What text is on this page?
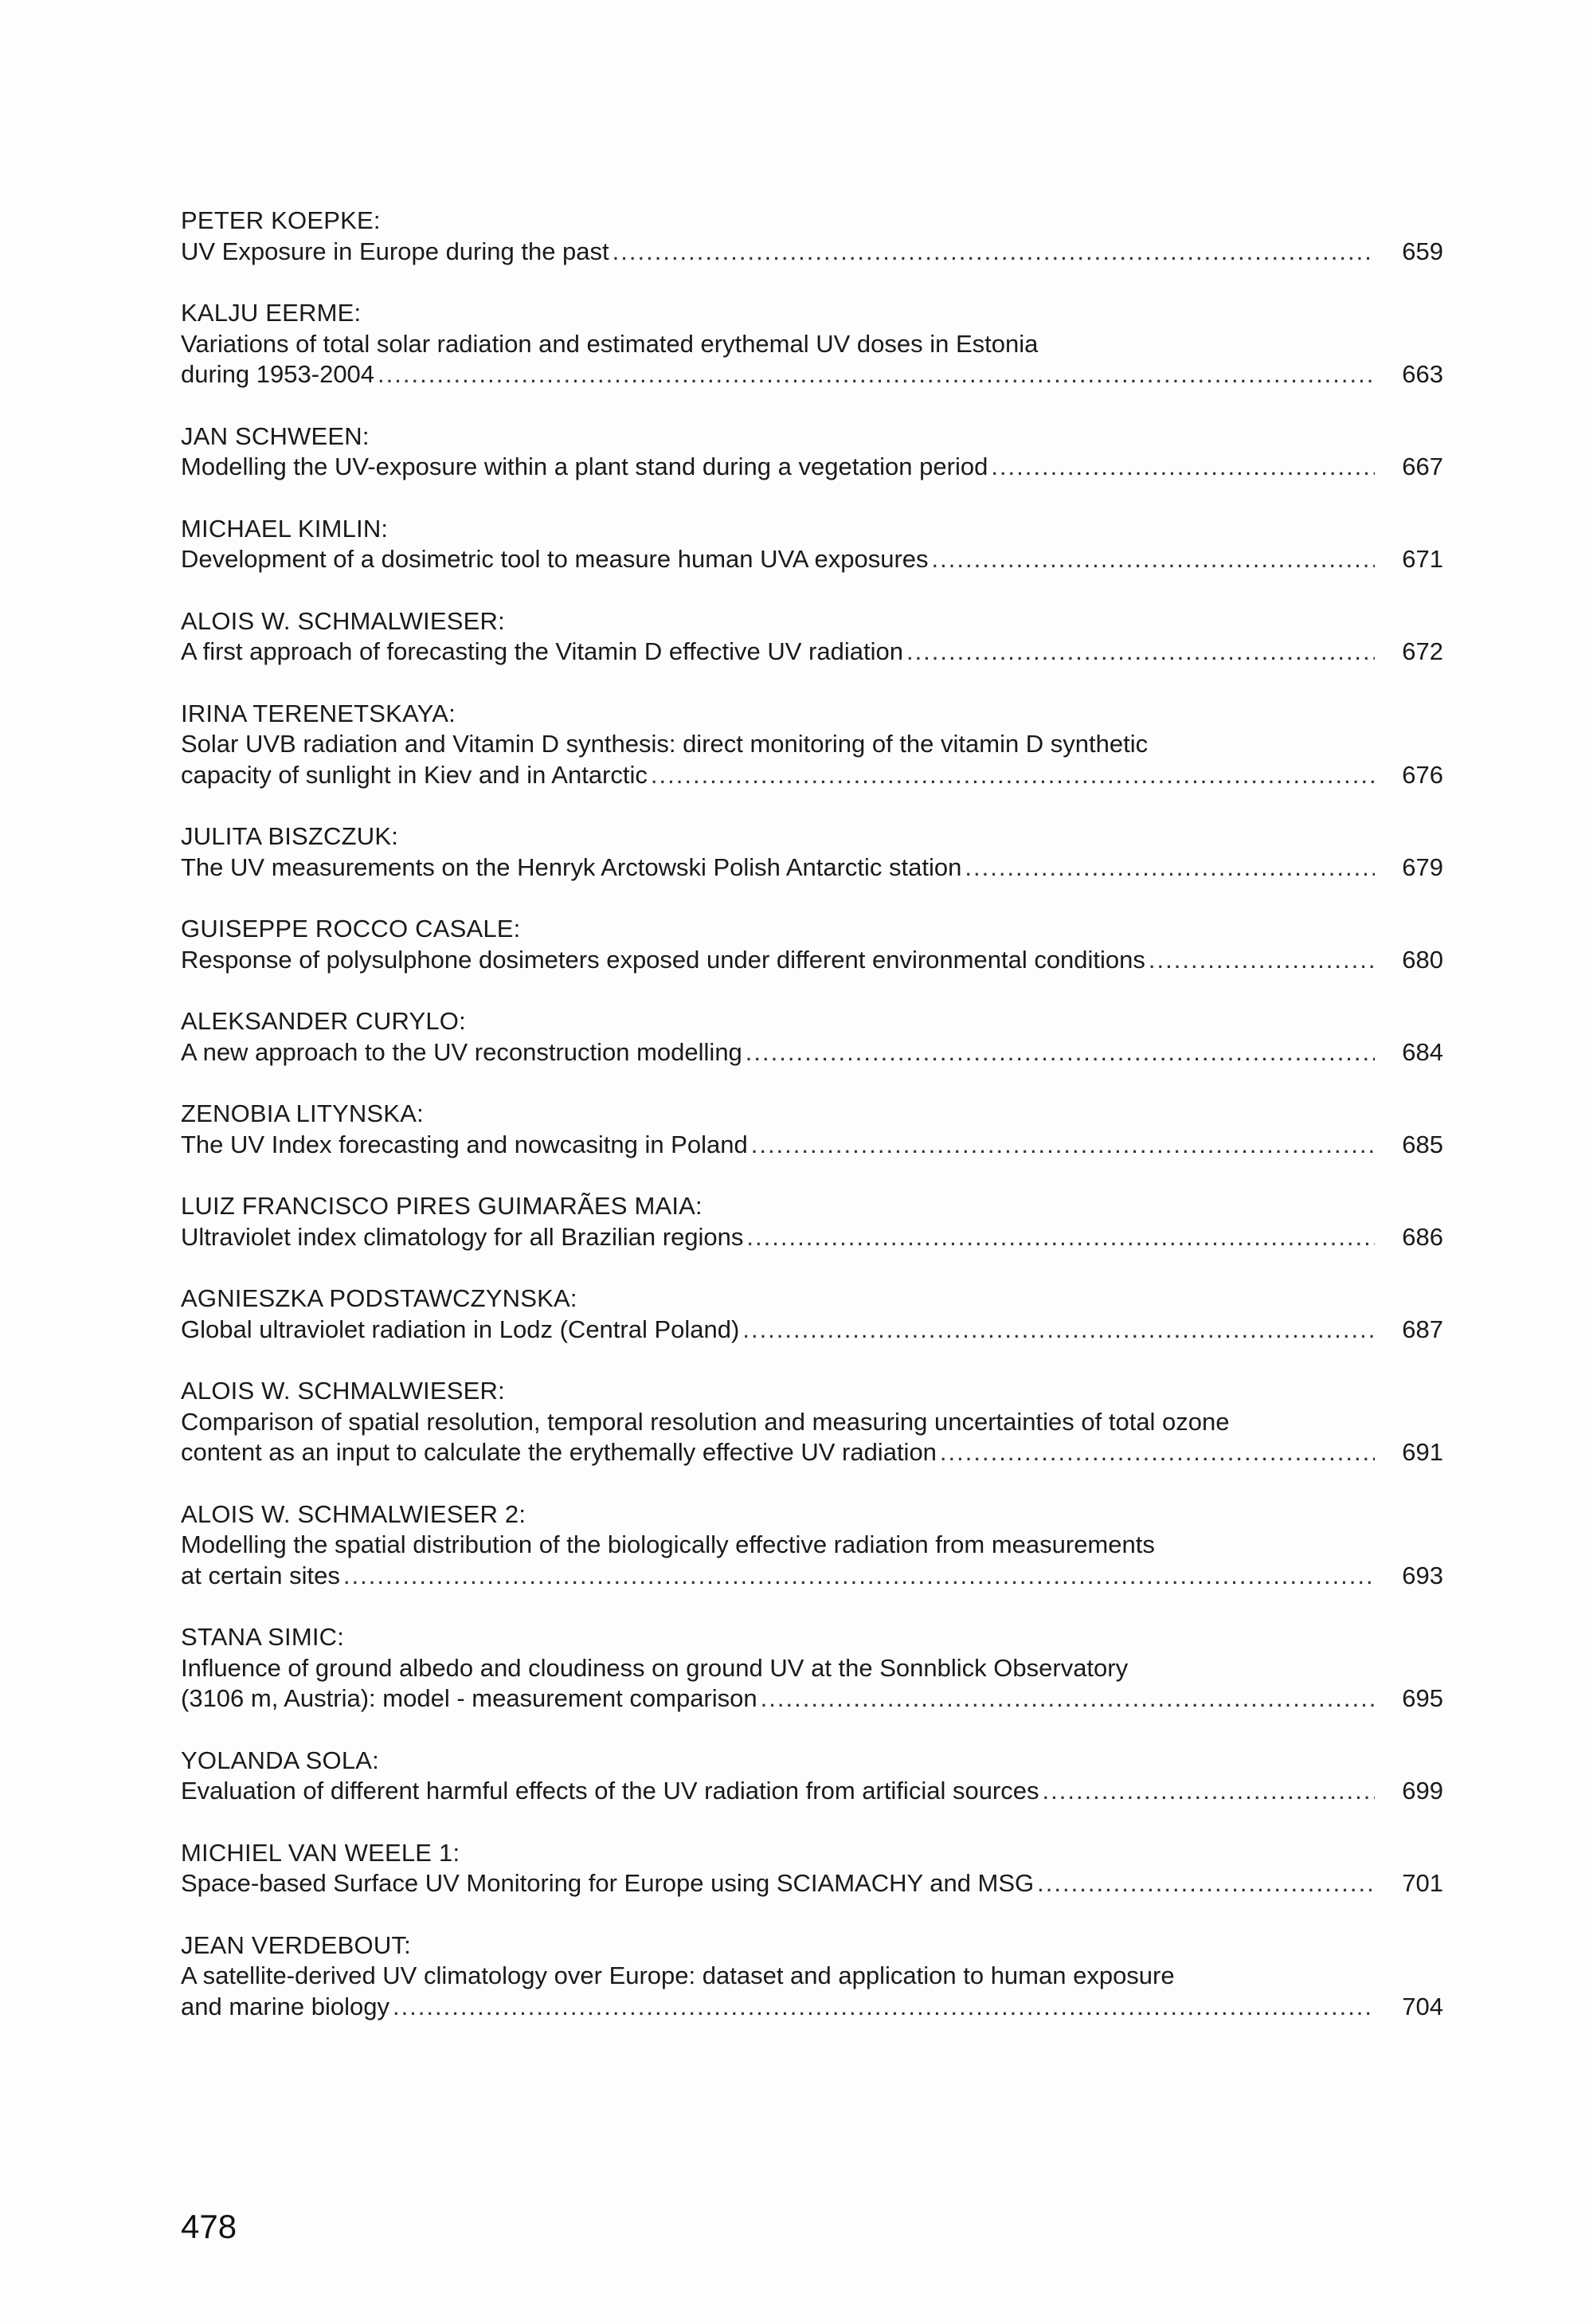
PETER KOEPKE:
UV Exposure in Europe during the past .....	659
KALJU EERME:
Variations of total solar radiation and estimated erythemal UV doses in Estonia
during 1953-2004 .....	663
JAN SCHWEEN:
Modelling the UV-exposure within a plant stand during a vegetation period .....	667
MICHAEL KIMLIN:
Development of a dosimetric tool to measure human UVA exposures .....	671
ALOIS W. SCHMALWIESER:
A first approach of forecasting the Vitamin D effective UV radiation .....	672
IRINA TERENETSKAYA:
Solar UVB radiation and Vitamin D synthesis: direct monitoring of the vitamin D synthetic
capacity of sunlight in Kiev and in Antarctic .....	676
JULITA BISZCZUK:
The UV measurements on the Henryk Arctowski Polish Antarctic station .....	679
GUISEPPE ROCCO CASALE:
Response of polysulphone dosimeters exposed under different environmental conditions .....	680
ALEKSANDER CURYLO:
A new approach to the UV reconstruction modelling .....	684
ZENOBIA LITYNSKA:
The UV Index forecasting and nowcasitng in Poland .....	685
LUIZ FRANCISCO PIRES GUIMARÃES MAIA:
Ultraviolet index climatology for all Brazilian regions .....	686
AGNIESZKA PODSTAWCZYNSKA:
Global ultraviolet radiation in Lodz (Central Poland) .....	687
ALOIS W. SCHMALWIESER:
Comparison of spatial resolution, temporal resolution and measuring uncertainties of total ozone
content as an input to calculate the erythemally effective UV radiation .....	691
ALOIS W. SCHMALWIESER 2:
Modelling the spatial distribution of the biologically effective radiation from measurements
at certain sites .....	693
STANA SIMIC:
Influence of ground albedo and cloudiness on ground UV at the Sonnblick Observatory
(3106 m, Austria): model - measurement comparison .....	695
YOLANDA SOLA:
Evaluation of different harmful effects of the UV radiation from artificial sources .....	699
MICHIEL VAN WEELE 1:
Space-based Surface UV Monitoring for Europe using SCIAMACHY and MSG .....	701
JEAN VERDEBOUT:
A satellite-derived UV climatology over Europe: dataset and application to human exposure
and marine biology .....	704
478
